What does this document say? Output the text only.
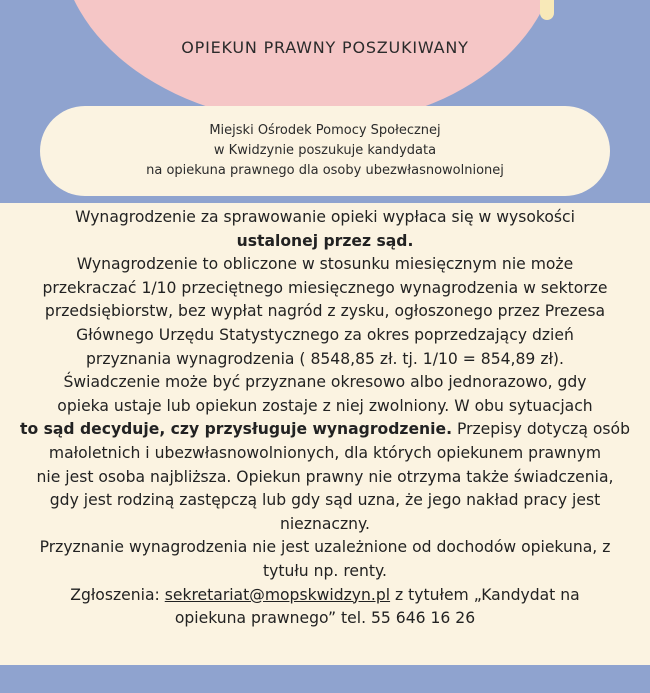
OPIEKUN PRAWNY POSZUKIWANY
Miejski Ośrodek Pomocy Społecznej
w Kwidzynie poszukuje kandydata
na opiekuna prawnego dla osoby ubezwłasnowolnionej
Wynagrodzenie za sprawowanie opieki wypłaca się w wysokości
ustalonej przez sąd.
Wynagrodzenie to obliczone w stosunku miesięcznym nie może
przekraczać 1/10 przeciętnego miesięcznego wynagrodzenia w sektorze
przedsiębiorstw, bez wypłat nagród z zysku, ogłoszonego przez Prezesa
Głównego Urzędu Statystycznego za okres poprzedzający dzień
przyznania wynagrodzenia ( 8548,85 zł. tj. 1/10 = 854,89 zł).
Świadczenie może być przyznane okresowo albo jednorazowo, gdy
opieka ustaje lub opiekun zostaje z niej zwolniony. W obu sytuacjach
to sąd decyduje, czy przysługuje wynagrodzenie. Przepisy dotyczą osób
małoletnich i ubezwłasnowolnionych, dla których opiekunem prawnym
nie jest osoba najbliższa. Opiekun prawny nie otrzyma także świadczenia,
gdy jest rodziną zastępczą lub gdy sąd uzna, że jego nakład pracy jest
nieznaczny.
Przyznanie wynagrodzenia nie jest uzależnione od dochodów opiekuna, z
tytułu np. renty.
Zgłoszenia: sekretariat@mopskwidzyn.pl z tytułem „Kandydat na
opiekuna prawnego” tel. 55 646 16 26
